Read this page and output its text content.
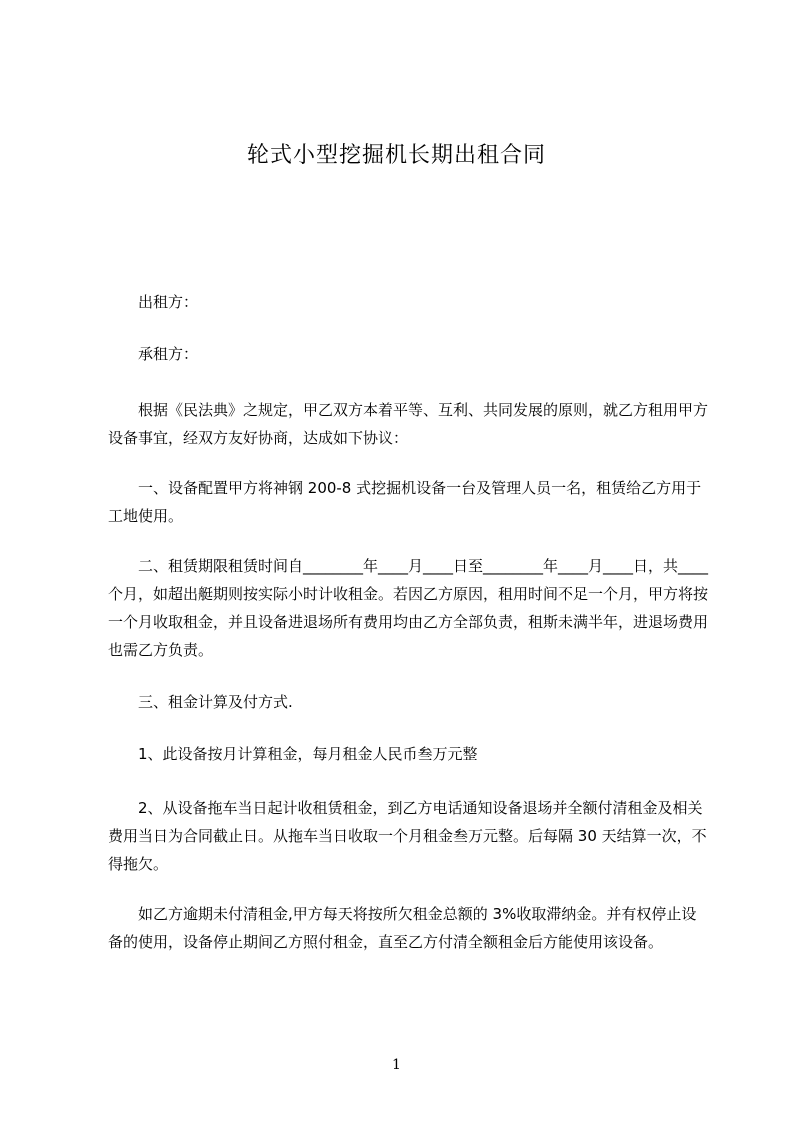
轮式小型挖掘机长期出租合同
出租方：
承租方：
根据《民法典》之规定，甲乙双方本着平等、互利、共同发展的原则，就乙方租用甲方设备事宜，经双方友好协商，达成如下协议：
一、设备配置甲方将神钢 200-8 式挖掘机设备一台及管理人员一名，租赁给乙方用于工地使用。
二、租赁期限租赁时间自________年____月____日至________年____月____日，共____个月，如超出艇期则按实际小时计收租金。若因乙方原因，租用时间不足一个月，甲方将按一个月收取租金，并且设备进退场所有费用均由乙方全部负责，租斯未满半年，进退场费用也需乙方负责。
三、租金计算及付方式.
1、此设备按月计算租金，每月租金人民币叁万元整
2、从设备拖车当日起计收租赁租金，到乙方电话通知设备退场并全额付清租金及相关费用当日为合同截止日。从拖车当日收取一个月租金叁万元整。后每隔 30 天结算一次，不得拖欠。
如乙方逾期未付清租金,甲方每天将按所欠租金总额的 3%收取滞纳金。并有权停止设备的使用，设备停止期间乙方照付租金，直至乙方付清全额租金后方能使用该设备。
1
